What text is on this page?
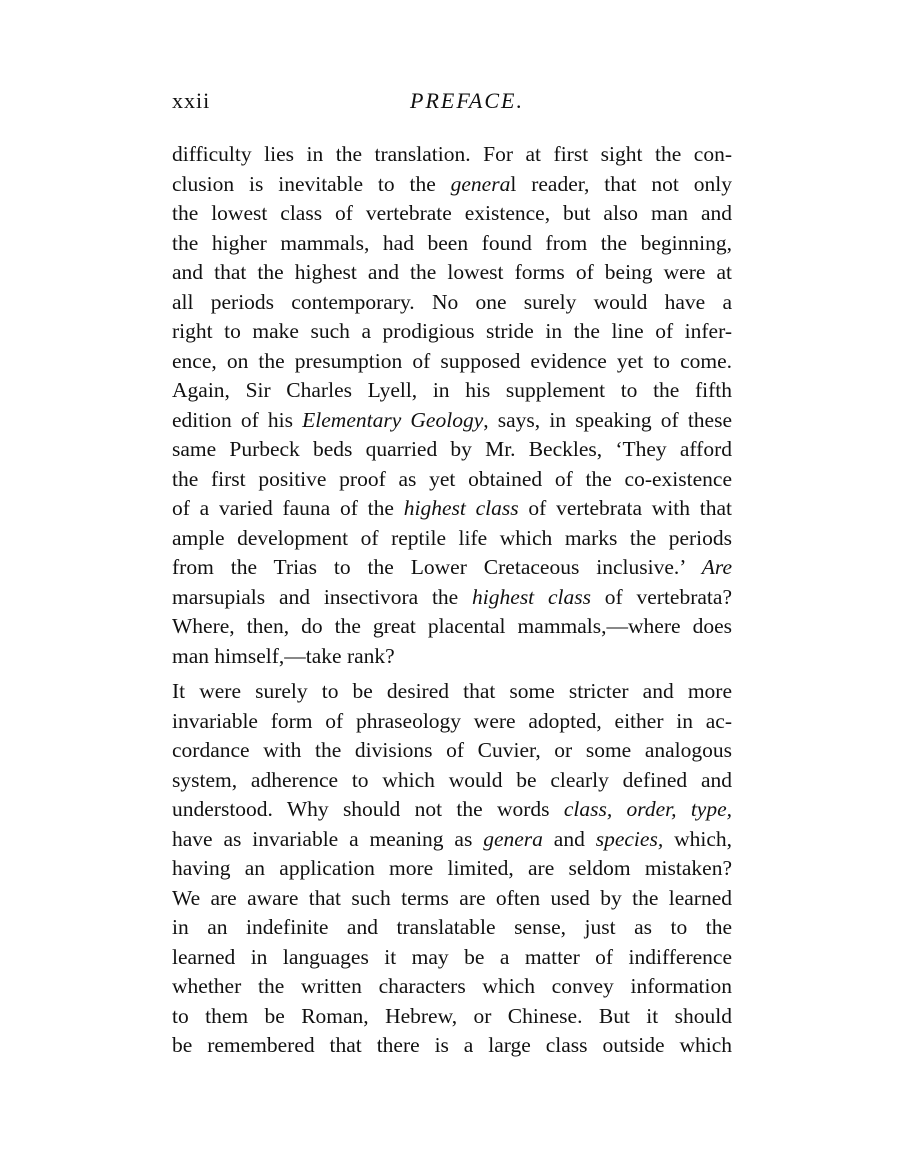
xxii	PREFACE.

difficulty lies in the translation. For at first sight the con-
clusion is inevitable to the general reader, that not only
the lowest class of vertebrate existence, but also man and
the higher mammals, had been found from the beginning,
and that the highest and the lowest forms of being were at
all periods contemporary. No one surely would have a
right to make such a prodigious stride in the line of infer-
ence, on the presumption of supposed evidence yet to come.
Again, Sir Charles Lyell, in his supplement to the fifth
edition of his Elementary Geology, says, in speaking of these
same Purbeck beds quarried by Mr. Beckles, ‘They afford
the first positive proof as yet obtained of the co-existence
of a varied fauna of the highest class of vertebrata with that
ample development of reptile life which marks the periods
from the Trias to the Lower Cretaceous inclusive.’ Are
marsupials and insectivora the highest class of vertebrata?
Where, then, do the great placental mammals,—where does
man himself,—take rank?

It were surely to be desired that some stricter and more
invariable form of phraseology were adopted, either in ac-
cordance with the divisions of Cuvier, or some analogous
system, adherence to which would be clearly defined and
understood. Why should not the words class, order, type,
have as invariable a meaning as genera and species, which,
having an application more limited, are seldom mistaken?
We are aware that such terms are often used by the learned
in an indefinite and translatable sense, just as to the
learned in languages it may be a matter of indifference
whether the written characters which convey information
to them be Roman, Hebrew, or Chinese. But it should
be remembered that there is a large class outside which
